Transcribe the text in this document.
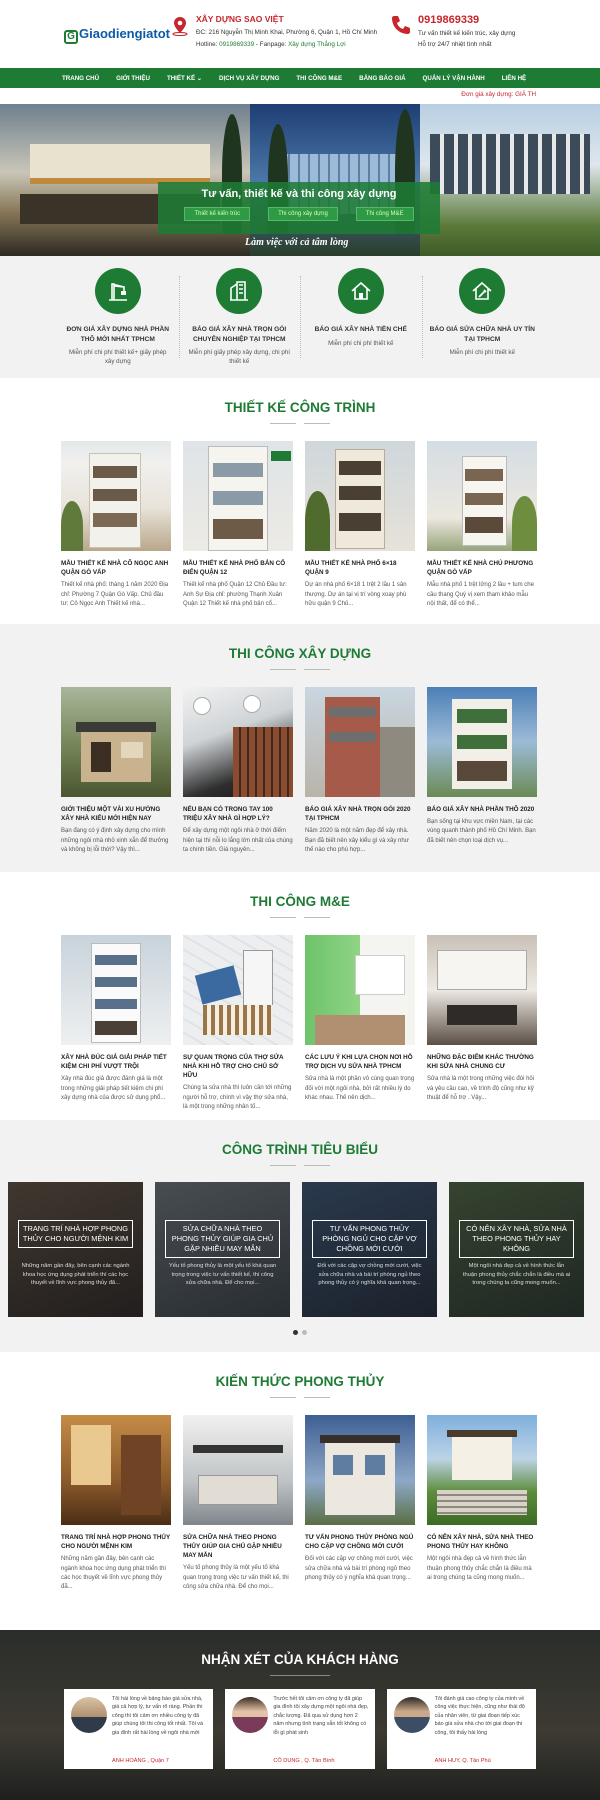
G Giaodiengiatot
XÂY DỰNG SAO VIỆT
ĐC: 216 Nguyễn Thị Minh Khai, Phường 6, Quận 1, Hồ Chí Minh
Hotline: 0919869339 - Fanpage: Xây dựng Thắng Lợi
0919869339
Tư vấn thiết kế kiến trúc, xây dựng
Hỗ trợ 24/7 nhiệt tình nhất
TRANG CHỦ	GIỚI THIỆU	THIẾT KẾ ⌄	DỊCH VỤ XÂY DỰNG	THI CÔNG M&E	BẢNG BÁO GIÁ	QUẢN LÝ VẬN HÀNH	LIÊN HỆ
Đơn giá xây dựng: GIÁ TH
Tư vấn, thiết kế và thi công xây dựng
Thiết kế kiến trúc	Thi công xây dựng	Thi công M&E
Làm việc với cả tâm lòng
ĐƠN GIÁ XÂY DỰNG NHÀ PHẦN THÔ MỚI NHẤT TPHCM
Miễn phí chi phí thiết kế+ giấy phép xây dựng
BÁO GIÁ XÂY NHÀ TRỌN GÓI CHUYÊN NGHIỆP TẠI TPHCM
Miễn phí giấy phép xây dựng, chi phí thiết kế
BÁO GIÁ XÂY NHÀ TIỀN CHẾ
Miễn phí chi phí thiết kế
BÁO GIÁ SỬA CHỮA NHÀ UY TÍN TẠI TPHCM
Miễn phí chi phí thiết kế
THIẾT KẾ CÔNG TRÌNH
MẪU THIẾT KẾ NHÀ CÔ NGỌC ANH QUẬN GÒ VẤP
Thiết kế nhà phố: tháng 1 năm 2020 Địa chỉ: Phường 7 Quận Gò Vấp. Chủ đầu tư: Cô Ngọc Anh Thiết kế nhà...
MẪU THIẾT KẾ NHÀ PHỐ BẢN CỔ ĐIỂN QUẬN 12
Thiết kế nhà phố Quận 12 Chủ Đầu tư: Anh Sự Địa chỉ: phường Thạnh Xuân Quận 12 Thiết kế nhà phố bản cổ...
MẪU THIẾT KẾ NHÀ PHỐ 6×18 QUẬN 9
Dự án nhà phố 6×18 1 trệt 2 lầu 1 sân thượng. Dự án tại vị trí vòng xoay phù hữu quận 9 Chủ...
MẪU THIẾT KẾ NHÀ CHÚ PHƯƠNG QUẬN GÒ VẤP
Mẫu nhà phố 1 trệt lửng 2 lầu + tum che cầu thang Quý vị xem tham khảo mẫu nội thất, để có thể...
THI CÔNG XÂY DỰNG
GIỚI THIỆU MỘT VÀI XU HƯỚNG XÂY NHÀ KIỂU MỚI HIỆN NAY
Bạn đang có ý định xây dựng cho mình những ngôi nhà nhỏ xinh xắn để thưởng và không bị lỗi thời? Vậy thì...
NẾU BẠN CÓ TRONG TAY 100 TRIỆU XÂY NHÀ GÌ HỢP LÝ?
Để xây dựng một ngôi nhà ở thời điểm hiện tại thì nỗi lo lắng lớn nhất của chúng ta chính tiền. Giá nguyên...
BÁO GIÁ XÂY NHÀ TRỌN GÓI 2020 TẠI TPHCM
Năm 2020 là một năm đẹp để xây nhà. Bạn đã biết nên xây kiểu gì và xây như thế nào cho phù hợp...
BÁO GIÁ XÂY NHÀ PHẦN THÔ 2020
Bạn sống tại khu vực miền Nam, tại các vùng quanh thành phố Hồ Chí Minh. Bạn đã biết nên chọn loại dịch vụ...
THI CÔNG M&E
XÂY NHÀ ĐÚC GIẢ GIẢI PHÁP TIẾT KIỆM CHI PHÍ VƯỢT TRỘI
Xây nhà đúc giả được đánh giá là một trong những giải pháp tiết kiệm chi phí xây dựng nhà của được sử dụng phổ...
SỰ QUAN TRỌNG CỦA THỢ SỬA NHÀ KHI HỖ TRỢ CHO CHỦ SỞ HỮU
Chúng ta sửa nhà thì luôn cần tới những người hỗ trợ, chính vì vậy thợ sửa nhà, là một trong những nhân tố...
CÁC LƯU Ý KHI LỰA CHỌN NƠI HỖ TRỢ DỊCH VỤ SỬA NHÀ TPHCM
Sửa nhà là một phần vô cùng quan trọng đối với một ngôi nhà, bởi rất nhiều lý do khác nhau. Thế nên dịch...
NHỮNG ĐẶC ĐIỂM KHÁC THƯỜNG KHI SỬA NHÀ CHUNG CƯ
Sửa nhà là một trong những việc đòi hỏi và yêu cầu cao, về trình độ cũng như kỹ thuật để hỗ trợ . Vậy...
CÔNG TRÌNH TIÊU BIỂU
TRANG TRÍ NHÀ HỢP PHONG THỦY CHO NGƯỜI MỆNH KIM
Những năm gần đây, bên cạnh các ngành khoa học ứng dụng phát triển thì các học thuyết về lĩnh vực phong thủy đã...
SỬA CHỮA NHÀ THEO PHONG THỦY GIÚP GIA CHỦ GẶP NHIỀU MAY MẮN
Yếu tố phong thủy là một yếu tố khá quan trọng trong việc tư vấn thiết kế, thi công sửa chữa nhà. Để cho mọi...
TƯ VẤN PHONG THỦY PHÒNG NGỦ CHO CẶP VỢ CHỒNG MỚI CƯỚI
Đối với các cặp vợ chồng mới cưới, việc sửa chữa nhà và bài trí phòng ngủ theo phong thủy có ý nghĩa khá quan trọng...
CÓ NÊN XÂY NHÀ, SỬA NHÀ THEO PHONG THỦY HAY KHÔNG
Một ngôi nhà đẹp cả về hình thức lẫn thuận phong thủy chắc chắn là điều mà ai trong chúng ta cũng mong muốn...
KIẾN THỨC PHONG THỦY
TRANG TRÍ NHÀ HỢP PHONG THỦY CHO NGƯỜI MỆNH KIM
Những năm gần đây, bên cạnh các ngành khoa học ứng dụng phát triển thì các học thuyết về lĩnh vực phong thủy đã...
SỬA CHỮA NHÀ THEO PHONG THỦY GIÚP GIA CHỦ GẶP NHIỀU MAY MẮN
Yếu tố phong thủy là một yếu tố khá quan trọng trong việc tư vấn thiết kế, thi công sửa chữa nhà. Để cho mọi...
TƯ VẤN PHONG THỦY PHÒNG NGỦ CHO CẶP VỢ CHỒNG MỚI CƯỚI
Đối với các cặp vợ chồng mới cưới, việc sửa chữa nhà và bài trí phòng ngủ theo phong thủy có ý nghĩa khá quan trọng...
CÓ NÊN XÂY NHÀ, SỬA NHÀ THEO PHONG THỦY HAY KHÔNG
Một ngôi nhà đẹp cả về hình thức lẫn thuận phong thủy chắc chắn là điều mà ai trong chúng ta cũng mong muốn...
NHẬN XÉT CỦA KHÁCH HÀNG
Tôi hài lòng về bảng báo giá sửa nhà, giá cả hợp lý, tư vấn rõ ràng. Phần thi công thì tôi cảm ơn nhiều công ty đã giúp chúng tôi thi công tốt nhất. Tôi và gia đình rất hài lòng về ngôi nhà mới
ANH HOÀNG , Quận 7
Trước hết tôi cảm ơn công ty đã giúp gia đình tôi xây dựng một ngôi nhà đẹp, chắc lượng. Đã qua sử dụng hơn 2 năm nhưng tình trạng vẫn tốt không có lỗi gì phát sinh
CÔ DUNG , Q. Tân Bình
Tôi đánh giá cao công ty của mình về công việc thực hiện, cũng như thái độ của nhân viên, từ giai đoạn tiếp xúc báo giá sửa nhà cho tới giai đoạn thi công, tôi thấy hài lòng
ANH HUY, Q. Tân Phú
